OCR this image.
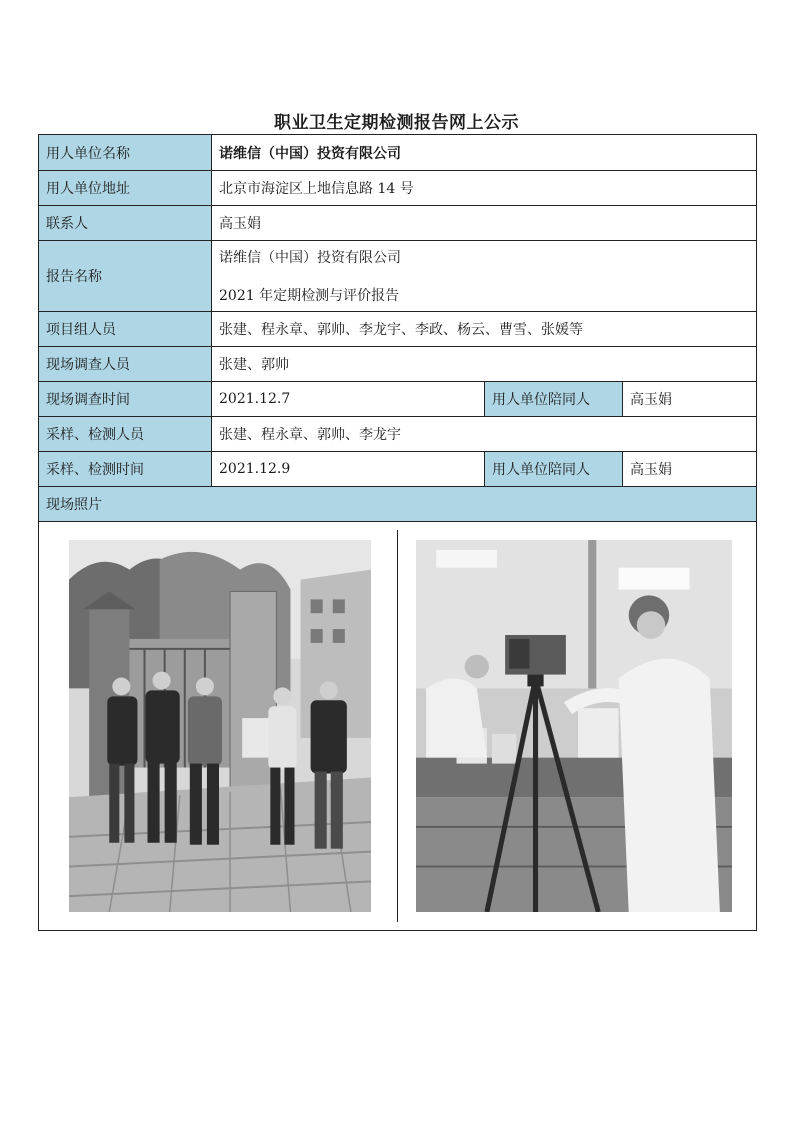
职业卫生定期检测报告网上公示
用人单位名称	诺维信（中国）投资有限公司		
用人单位地址	北京市海淀区上地信息路 14 号		
联系人	高玉娟		
报告名称	诺维信（中国）投资有限公司
2021 年定期检测与评价报告		

项目组人员	张建、程永章、郭帅、李龙宇、李政、杨云、曹雪、张媛等		
现场调查人员	张建、郭帅		
现场调查时间	2021.12.7	用人单位陪同人	高玉娟
采样、检测人员	张建、程永章、郭帅、李龙宇		
采样、检测时间	2021.12.9	用人单位陪同人	高玉娟
现场照片			
